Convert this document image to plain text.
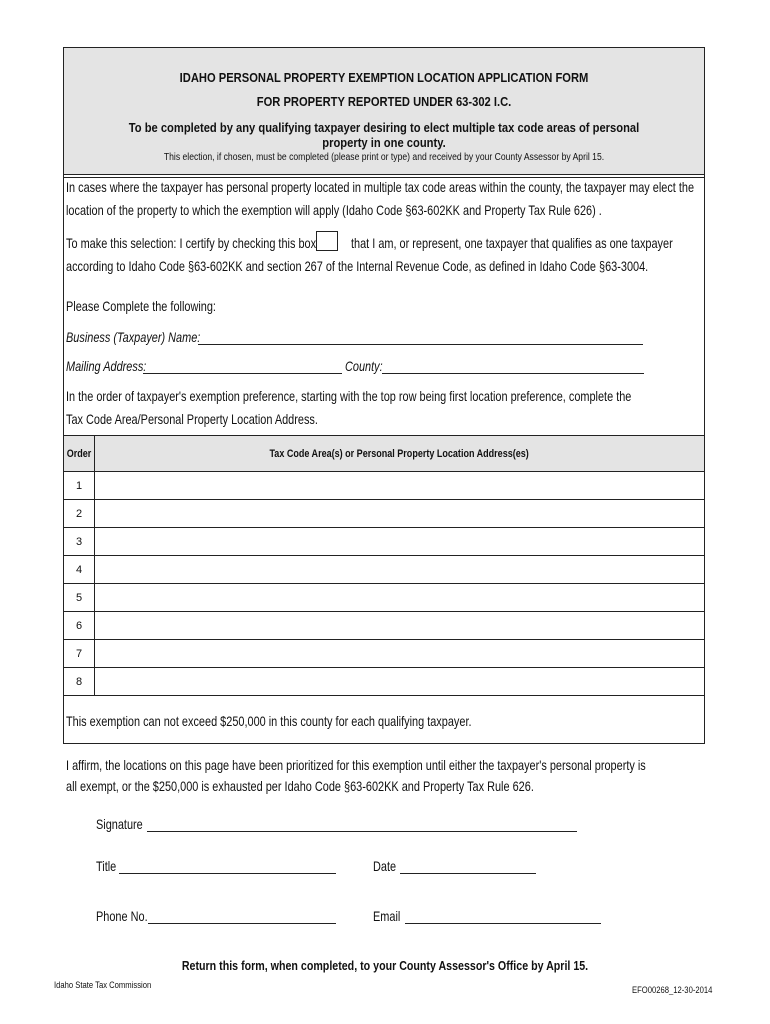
IDAHO PERSONAL PROPERTY EXEMPTION LOCATION APPLICATION FORM
FOR PROPERTY REPORTED UNDER 63-302 I.C.
To be completed by any qualifying taxpayer desiring to elect multiple tax code areas of personal property in one county.
This election, if chosen, must be completed (please print or type) and received by your County Assessor by April 15.
In cases where the taxpayer has personal property located in multiple tax code areas within the county, the taxpayer may elect the
location of the property to which the exemption will apply (Idaho Code §63-602KK and Property Tax Rule 626) .
To make this selection: I certify by checking this box that I am, or represent, one taxpayer that qualifies as one taxpayer
according to Idaho Code §63-602KK and section 267 of the Internal Revenue Code, as defined in Idaho Code §63-3004.
Please Complete the following:
Business (Taxpayer) Name:
Mailing Address:	County:
In the order of taxpayer's exemption preference, starting with the top row being first location preference, complete the
Tax Code Area/Personal Property Location Address.
Order	Tax Code Area(s) or Personal Property Location Address(es)
1	
2	
3	
4	
5	
6	
7	
8	
This exemption can not exceed $250,000 in this county for each qualifying taxpayer.
I affirm, the locations on this page have been prioritized for this exemption until either the taxpayer's personal property is
all exempt, or the $250,000 is exhausted per Idaho Code §63-602KK and Property Tax Rule 626.
Signature
Title	Date
Phone No.	Email
Return this form, when completed, to your County Assessor's Office by April 15.
Idaho State Tax Commission	EFO00268_12-30-2014
